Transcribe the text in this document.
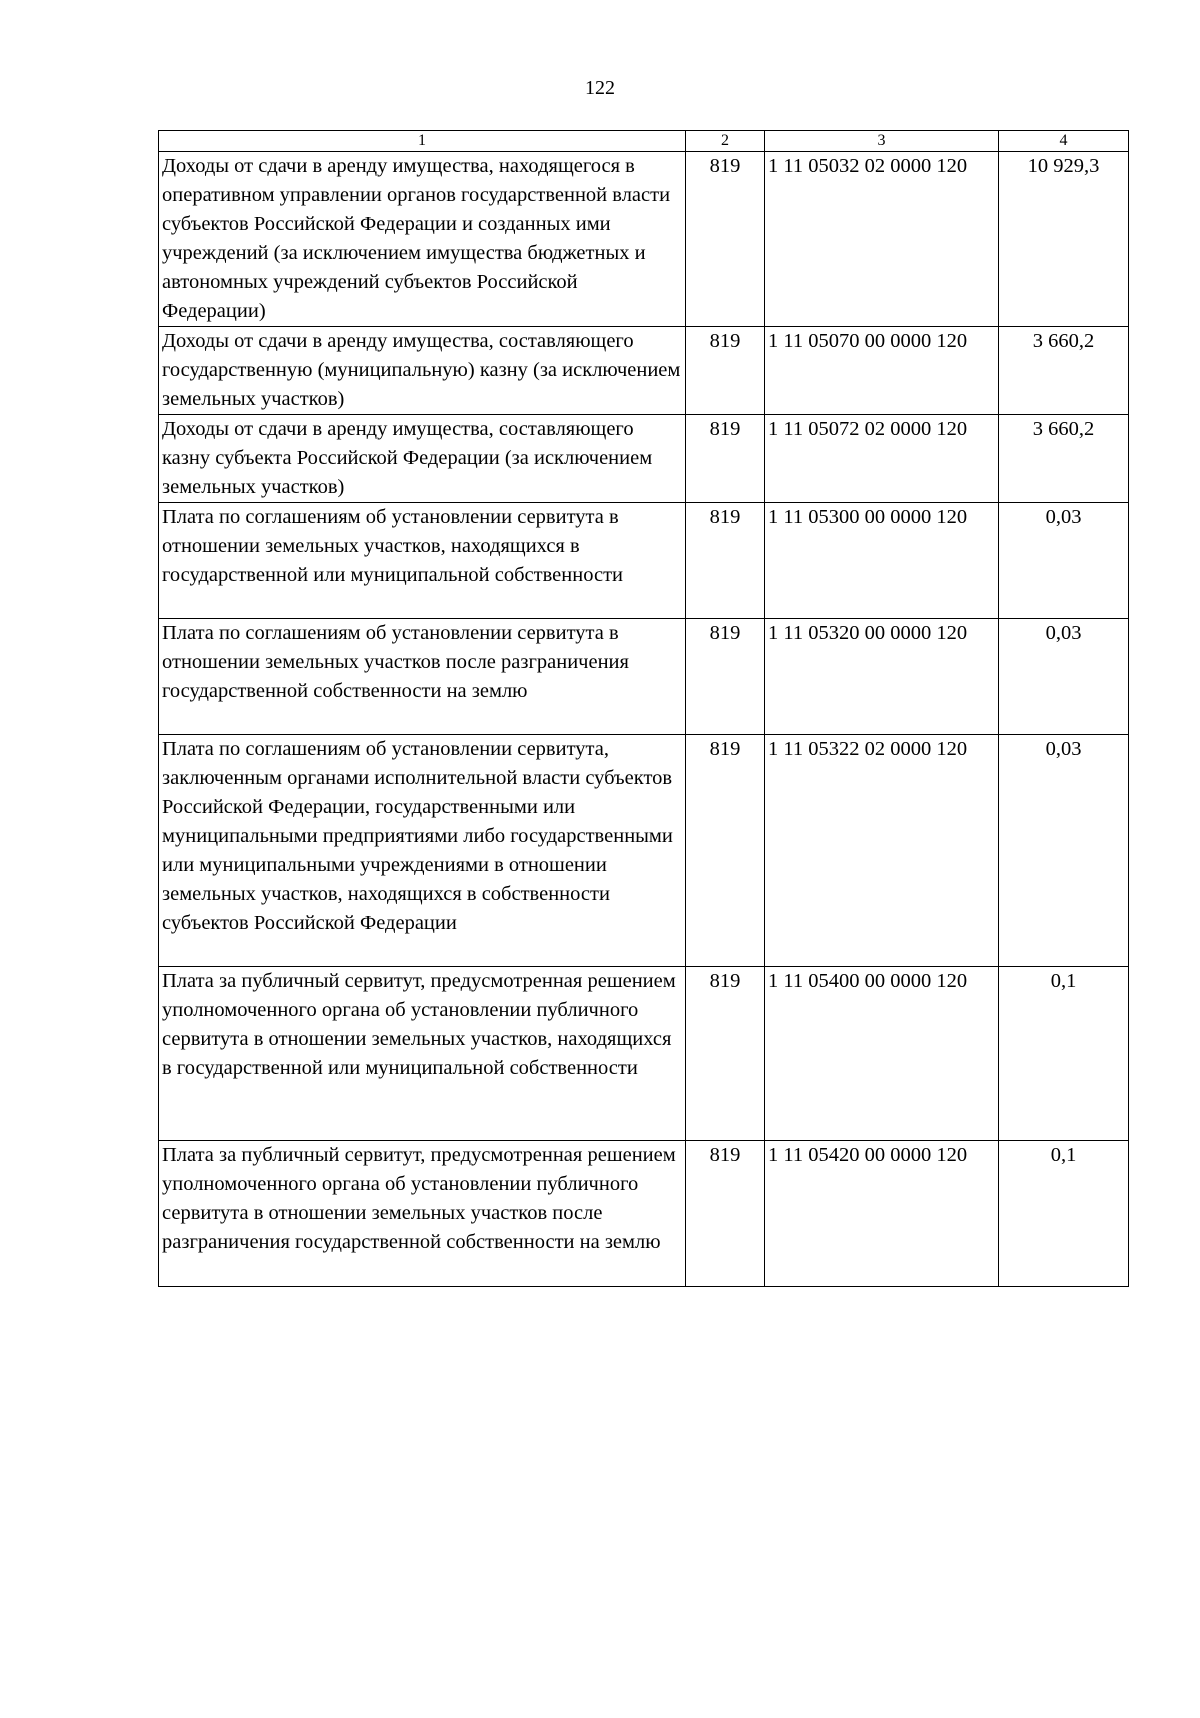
122
1	2	3	4
Доходы от сдачи в аренду имущества, находящегося в оперативном управлении органов государственной власти субъектов Российской Федерации и созданных ими учреждений (за исключением имущества бюджетных и автономных учреждений субъектов Российской Федерации)	819	1 11 05032 02 0000 120	10 929,3
Доходы от сдачи в аренду имущества, составляющего государственную (муниципальную) казну (за исключением земельных участков)	819	1 11 05070 00 0000 120	3 660,2
Доходы от сдачи в аренду имущества, составляющего казну субъекта Российской Федерации (за исключением земельных участков)	819	1 11 05072 02 0000 120	3 660,2
Плата по соглашениям об установлении сервитута в отношении земельных участков, находящихся в государственной или муниципальной собственности	819	1 11 05300 00 0000 120	0,03
Плата по соглашениям об установлении сервитута в отношении земельных участков после разграничения государственной собственности на землю	819	1 11 05320 00 0000 120	0,03
Плата по соглашениям об установлении сервитута, заключенным органами исполнительной власти субъектов Российской Федерации, государственными или муниципальными предприятиями либо государственными или муниципальными учреждениями в отношении земельных участков, находящихся в собственности субъектов Российской Федерации	819	1 11 05322 02 0000 120	0,03
Плата за публичный сервитут, предусмотренная решением уполномоченного органа об установлении публичного сервитута в отношении земельных участков, находящихся в государственной или муниципальной собственности	819	1 11 05400 00 0000 120	0,1
Плата за публичный сервитут, предусмотренная решением уполномоченного органа об установлении публичного сервитута в отношении земельных участков после разграничения государственной собственности на землю	819	1 11 05420 00 0000 120	0,1
